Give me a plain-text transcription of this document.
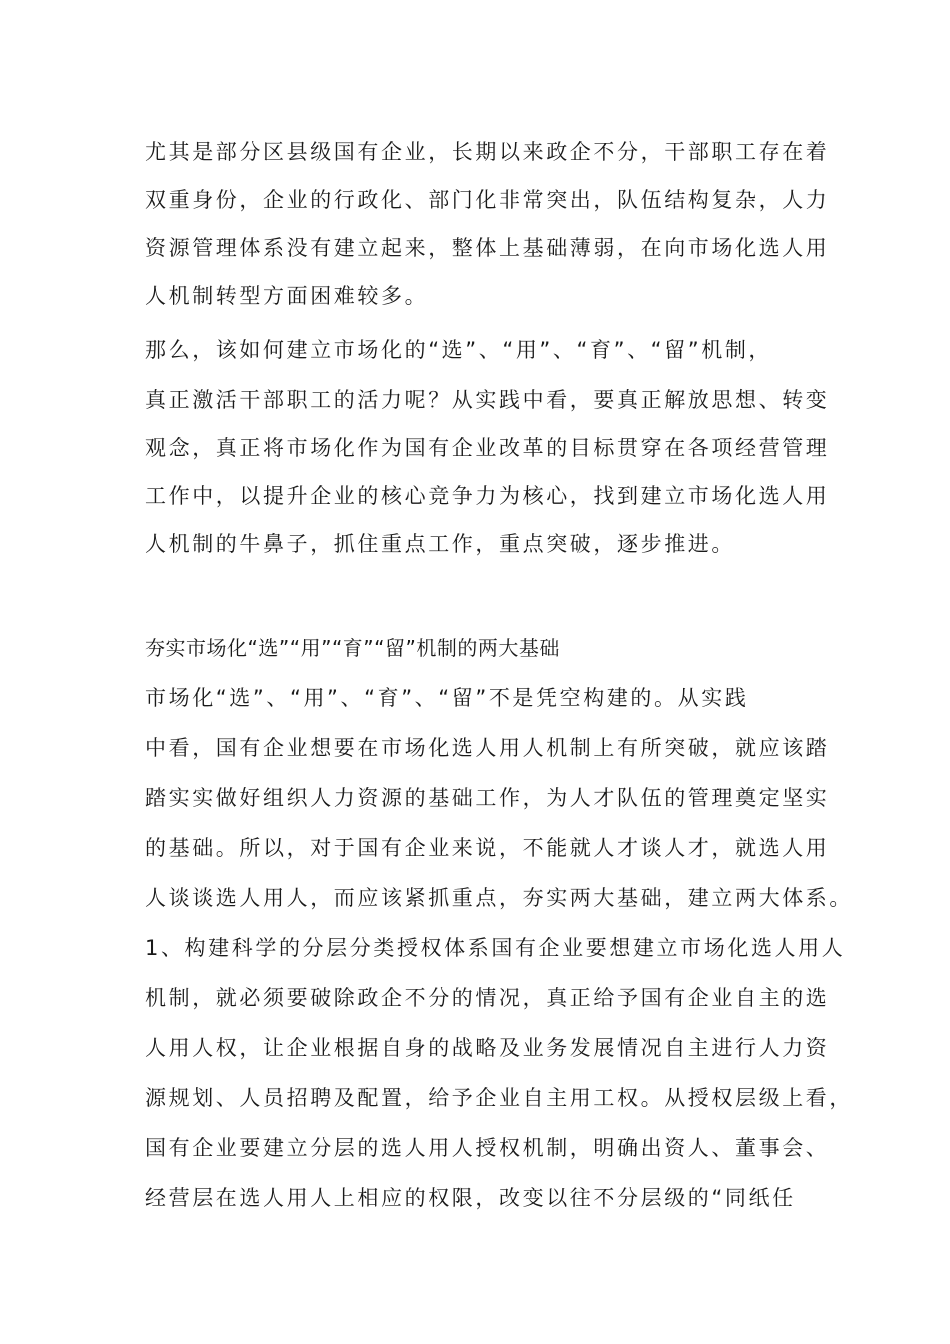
尤其是部分区县级国有企业，长期以来政企不分，干部职工存在着
双重身份，企业的行政化、部门化非常突出，队伍结构复杂，人力
资源管理体系没有建立起来，整体上基础薄弱，在向市场化选人用
人机制转型方面困难较多。
那么，该如何建立市场化的“选”、“用”、“育”、“留”机制，
真正激活干部职工的活力呢？从实践中看，要真正解放思想、转变
观念，真正将市场化作为国有企业改革的目标贯穿在各项经营管理
工作中，以提升企业的核心竞争力为核心，找到建立市场化选人用
人机制的牛鼻子，抓住重点工作，重点突破，逐步推进。
夯实市场化“选”“用”“育”“留”机制的两大基础
市场化“选”、“用”、“育”、“留”不是凭空构建的。从实践
中看，国有企业想要在市场化选人用人机制上有所突破，就应该踏
踏实实做好组织人力资源的基础工作，为人才队伍的管理奠定坚实
的基础。所以，对于国有企业来说，不能就人才谈人才，就选人用
人谈谈选人用人，而应该紧抓重点，夯实两大基础，建立两大体系。
1、构建科学的分层分类授权体系国有企业要想建立市场化选人用人
机制，就必须要破除政企不分的情况，真正给予国有企业自主的选
人用人权，让企业根据自身的战略及业务发展情况自主进行人力资
源规划、人员招聘及配置，给予企业自主用工权。从授权层级上看，
国有企业要建立分层的选人用人授权机制，明确出资人、董事会、
经营层在选人用人上相应的权限，改变以往不分层级的“同纸任
